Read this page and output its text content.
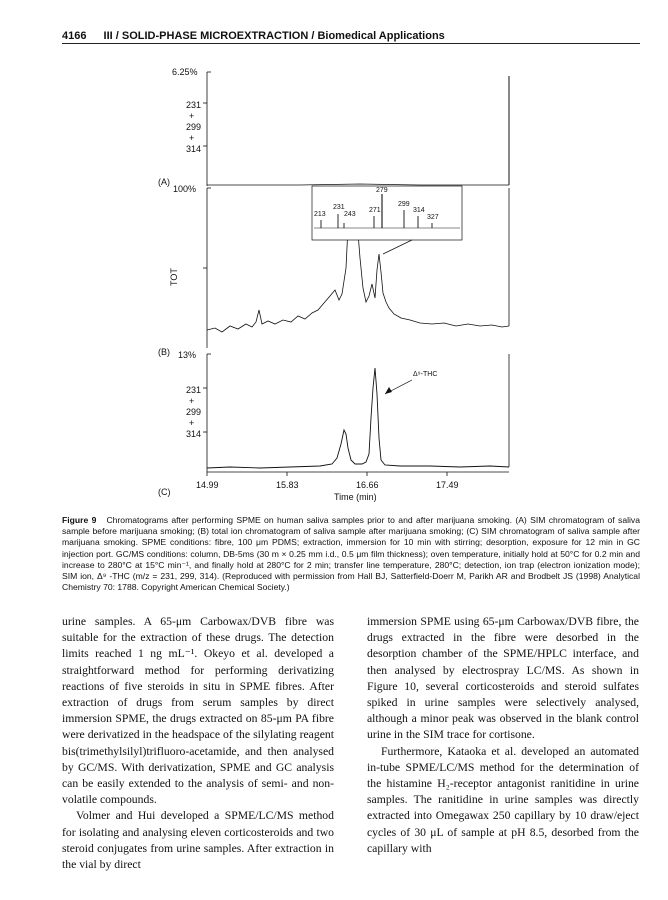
4166 III / SOLID-PHASE MICROEXTRACTION / Biomedical Applications
6.25%
231
+
299
+
314
(A)
100%
TOT
213
231
243
271
279
299
314
327
(B) 13%
231
+
299
+
314
Δ⁹-THC
(C)
14.99	15.83	16.66	17.49
Time (min)
Figure 9 Chromatograms after performing SPME on human saliva samples prior to and after marijuana smoking. (A) SIM chromatogram of saliva sample before marijuana smoking; (B) total ion chromatogram of saliva sample after marijuana smoking; (C) SIM chromatogram of saliva sample after marijuana smoking. SPME conditions: fibre, 100 μm PDMS; extraction, immersion for 10 min with stirring; desorption, exposure for 12 min in GC injection port. GC/MS conditions: column, DB-5ms (30 m × 0.25 mm i.d., 0.5 μm film thickness); oven temperature, initially hold at 50°C for 0.2 min and increase to 280°C at 15°C min⁻¹, and finally hold at 280°C for 2 min; transfer line temperature, 280°C; detection, ion trap (electron ionization mode); SIM ion, Δ⁹ -THC (m/z = 231, 299, 314). (Reproduced with permission from Hall BJ, Satterfield-Doerr M, Parikh AR and Brodbelt JS (1998) Analytical Chemistry 70: 1788. Copyright American Chemical Society.)

urine samples. A 65-μm Carbowax/DVB fibre was suitable for the extraction of these drugs. The detection limits reached 1 ng mL⁻¹. Okeyo et al. developed a straightforward method for performing derivatizing reactions of five steroids in situ in SPME fibres. After extraction of drugs from serum samples by direct immersion SPME, the drugs extracted on 85-μm PA fibre were derivatized in the headspace of the silylating reagent bis(trimethylsilyl)trifluoro-acetamide, and then analysed by GC/MS. With derivatization, SPME and GC analysis can be easily extended to the analysis of semi- and non-volatile compounds.

Volmer and Hui developed a SPME/LC/MS method for isolating and analysing eleven corticosteroids and two steroid conjugates from urine samples. After extraction in the vial by direct

immersion SPME using 65-μm Carbowax/DVB fibre, the drugs extracted in the fibre were desorbed in the desorption chamber of the SPME/HPLC interface, and then analysed by electrospray LC/MS. As shown in Figure 10, several corticosteroids and steroid sulfates spiked in urine samples were selectively analysed, although a minor peak was observed in the blank control urine in the SIM trace for cortisone.

Furthermore, Kataoka et al. developed an automated in-tube SPME/LC/MS method for the determination of the histamine H₂-receptor antagonist ranitidine in urine samples. The ranitidine in urine samples was directly extracted into Omegawax 250 capillary by 10 draw/eject cycles of 30 μL of sample at pH 8.5, desorbed from the capillary with
